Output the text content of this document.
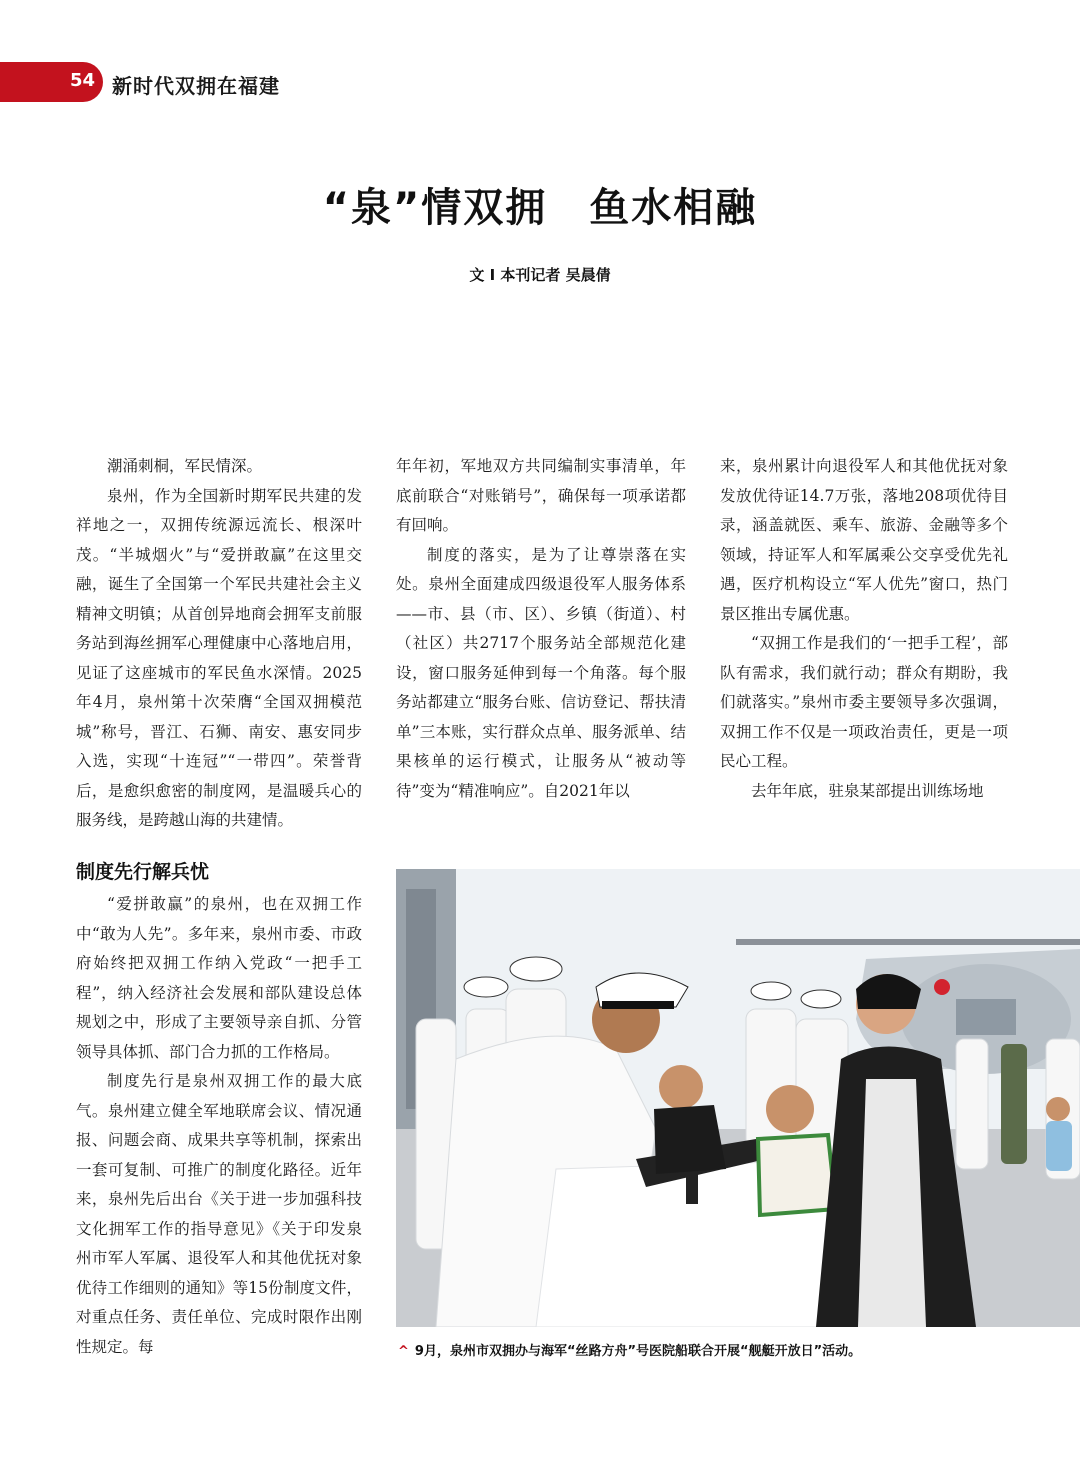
54 新时代双拥在福建
“泉”情双拥　鱼水相融
文 I 本刊记者 吴晨倩

潮涌刺桐，军民情深。

泉州，作为全国新时期军民共建的发祥地之一，双拥传统源远流长、根深叶茂。“半城烟火”与“爱拼敢赢”在这里交融，诞生了全国第一个军民共建社会主义精神文明镇；从首创异地商会拥军支前服务站到海丝拥军心理健康中心落地启用，见证了这座城市的军民鱼水深情。2025年4月，泉州第十次荣膺“全国双拥模范城”称号，晋江、石狮、南安、惠安同步入选，实现“十连冠”“一带四”。荣誉背后，是愈织愈密的制度网，是温暖兵心的服务线，是跨越山海的共建情。

年年初，军地双方共同编制实事清单，年底前联合“对账销号”，确保每一项承诺都有回响。

制度的落实，是为了让尊崇落在实处。泉州全面建成四级退役军人服务体系——市、县（市、区）、乡镇（街道）、村（社区）共2717个服务站全部规范化建设，窗口服务延伸到每一个角落。每个服务站都建立“服务台账、信访登记、帮扶清单”三本账，实行群众点单、服务派单、结果核单的运行模式，让服务从“被动等待”变为“精准响应”。自2021年以

来，泉州累计向退役军人和其他优抚对象发放优待证14.7万张，落地208项优待目录，涵盖就医、乘车、旅游、金融等多个领域，持证军人和军属乘公交享受优先礼遇，医疗机构设立“军人优先”窗口，热门景区推出专属优惠。

“双拥工作是我们的‘一把手工程’，部队有需求，我们就行动；群众有期盼，我们就落实。”泉州市委主要领导多次强调，双拥工作不仅是一项政治责任，更是一项民心工程。

去年年底，驻泉某部提出训练场地

制度先行解兵忧

“爱拼敢赢”的泉州，也在双拥工作中“敢为人先”。多年来，泉州市委、市政府始终把双拥工作纳入党政“一把手工程”，纳入经济社会发展和部队建设总体规划之中，形成了主要领导亲自抓、分管领导具体抓、部门合力抓的工作格局。

制度先行是泉州双拥工作的最大底气。泉州建立健全军地联席会议、情况通报、问题会商、成果共享等机制，探索出一套可复制、可推广的制度化路径。近年来，泉州先后出台《关于进一步加强科技文化拥军工作的指导意见》《关于印发泉州市军人军属、退役军人和其他优抚对象优待工作细则的通知》等15份制度文件，对重点任务、责任单位、完成时限作出刚性规定。每	^ 9月，泉州市双拥办与海军“丝路方舟”号医院船联合开展“舰艇开放日”活动。
